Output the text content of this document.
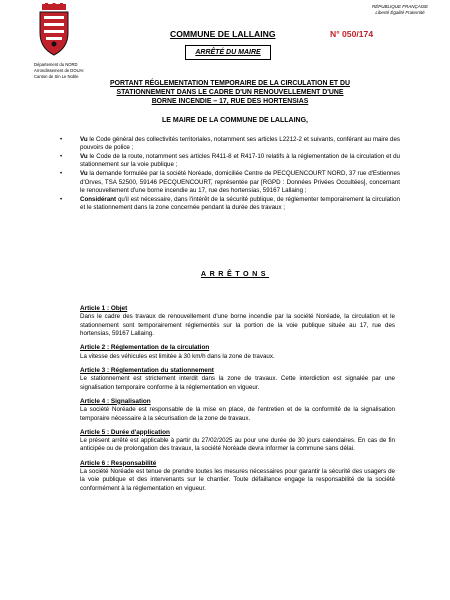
Département du NORD
Arrondissement de DOUAI
Canton de Sin Le Noble
RÉPUBLIQUE FRANÇAISE
Liberté Égalité Fraternité
COMMUNE DE LALLAING	N° 050/174
ARRÊTÉ DU MAIRE
PORTANT RÉGLEMENTATION TEMPORAIRE DE LA CIRCULATION ET DU STATIONNEMENT DANS LE CADRE D'UN RENOUVELLEMENT D'UNE BORNE INCENDIE – 17, RUE DES HORTENSIAS
LE MAIRE DE LA COMMUNE DE LALLAING,
•	Vu le Code général des collectivités territoriales, notamment ses articles L2212-2 et suivants, conférant au maire des pouvoirs de police ;
•	Vu le Code de la route, notamment ses articles R411-8 et R417-10 relatifs à la réglementation de la circulation et du stationnement sur la voie publique ;
•	Vu la demande formulée par la société Noréade, domiciliée Centre de PECQUENCOURT NORD, 37 rue d'Estiennes d'Orves, TSA 52500, 59146 PECQUENCOURT, représentée par [RGPD : Données Privées Occultées], concernant le renouvellement d'une borne incendie au 17, rue des hortensias, 59167 Lallaing ;
•	Considérant qu'il est nécessaire, dans l'intérêt de la sécurité publique, de réglementer temporairement la circulation et le stationnement dans la zone concernée pendant la durée des travaux ;
ARRÊTONS
Article 1 : Objet

Dans le cadre des travaux de renouvellement d'une borne incendie par la société Noréade, la circulation et le stationnement sont temporairement réglementés sur la portion de la voie publique située au 17, rue des hortensias, 59167 Lallaing.

Article 2 : Réglementation de la circulation

La vitesse des véhicules est limitée à 30 km/h dans la zone de travaux.

Article 3 : Réglementation du stationnement

Le stationnement est strictement interdit dans la zone de travaux. Cette interdiction est signalée par une signalisation temporaire conforme à la réglementation en vigueur.

Article 4 : Signalisation

La société Noréade est responsable de la mise en place, de l'entretien et de la conformité de la signalisation temporaire nécessaire à la sécurisation de la zone de travaux.

Article 5 : Durée d'application

Le présent arrêté est applicable à partir du 27/02/2025 au pour une durée de 30 jours calendaires. En cas de fin anticipée ou de prolongation des travaux, la société Noréade devra informer la commune sans délai.

Article 6 : Responsabilité

La société Noréade est tenue de prendre toutes les mesures nécessaires pour garantir la sécurité des usagers de la voie publique et des intervenants sur le chantier. Toute défaillance engage la responsabilité de la société conformément à la réglementation en vigueur.
